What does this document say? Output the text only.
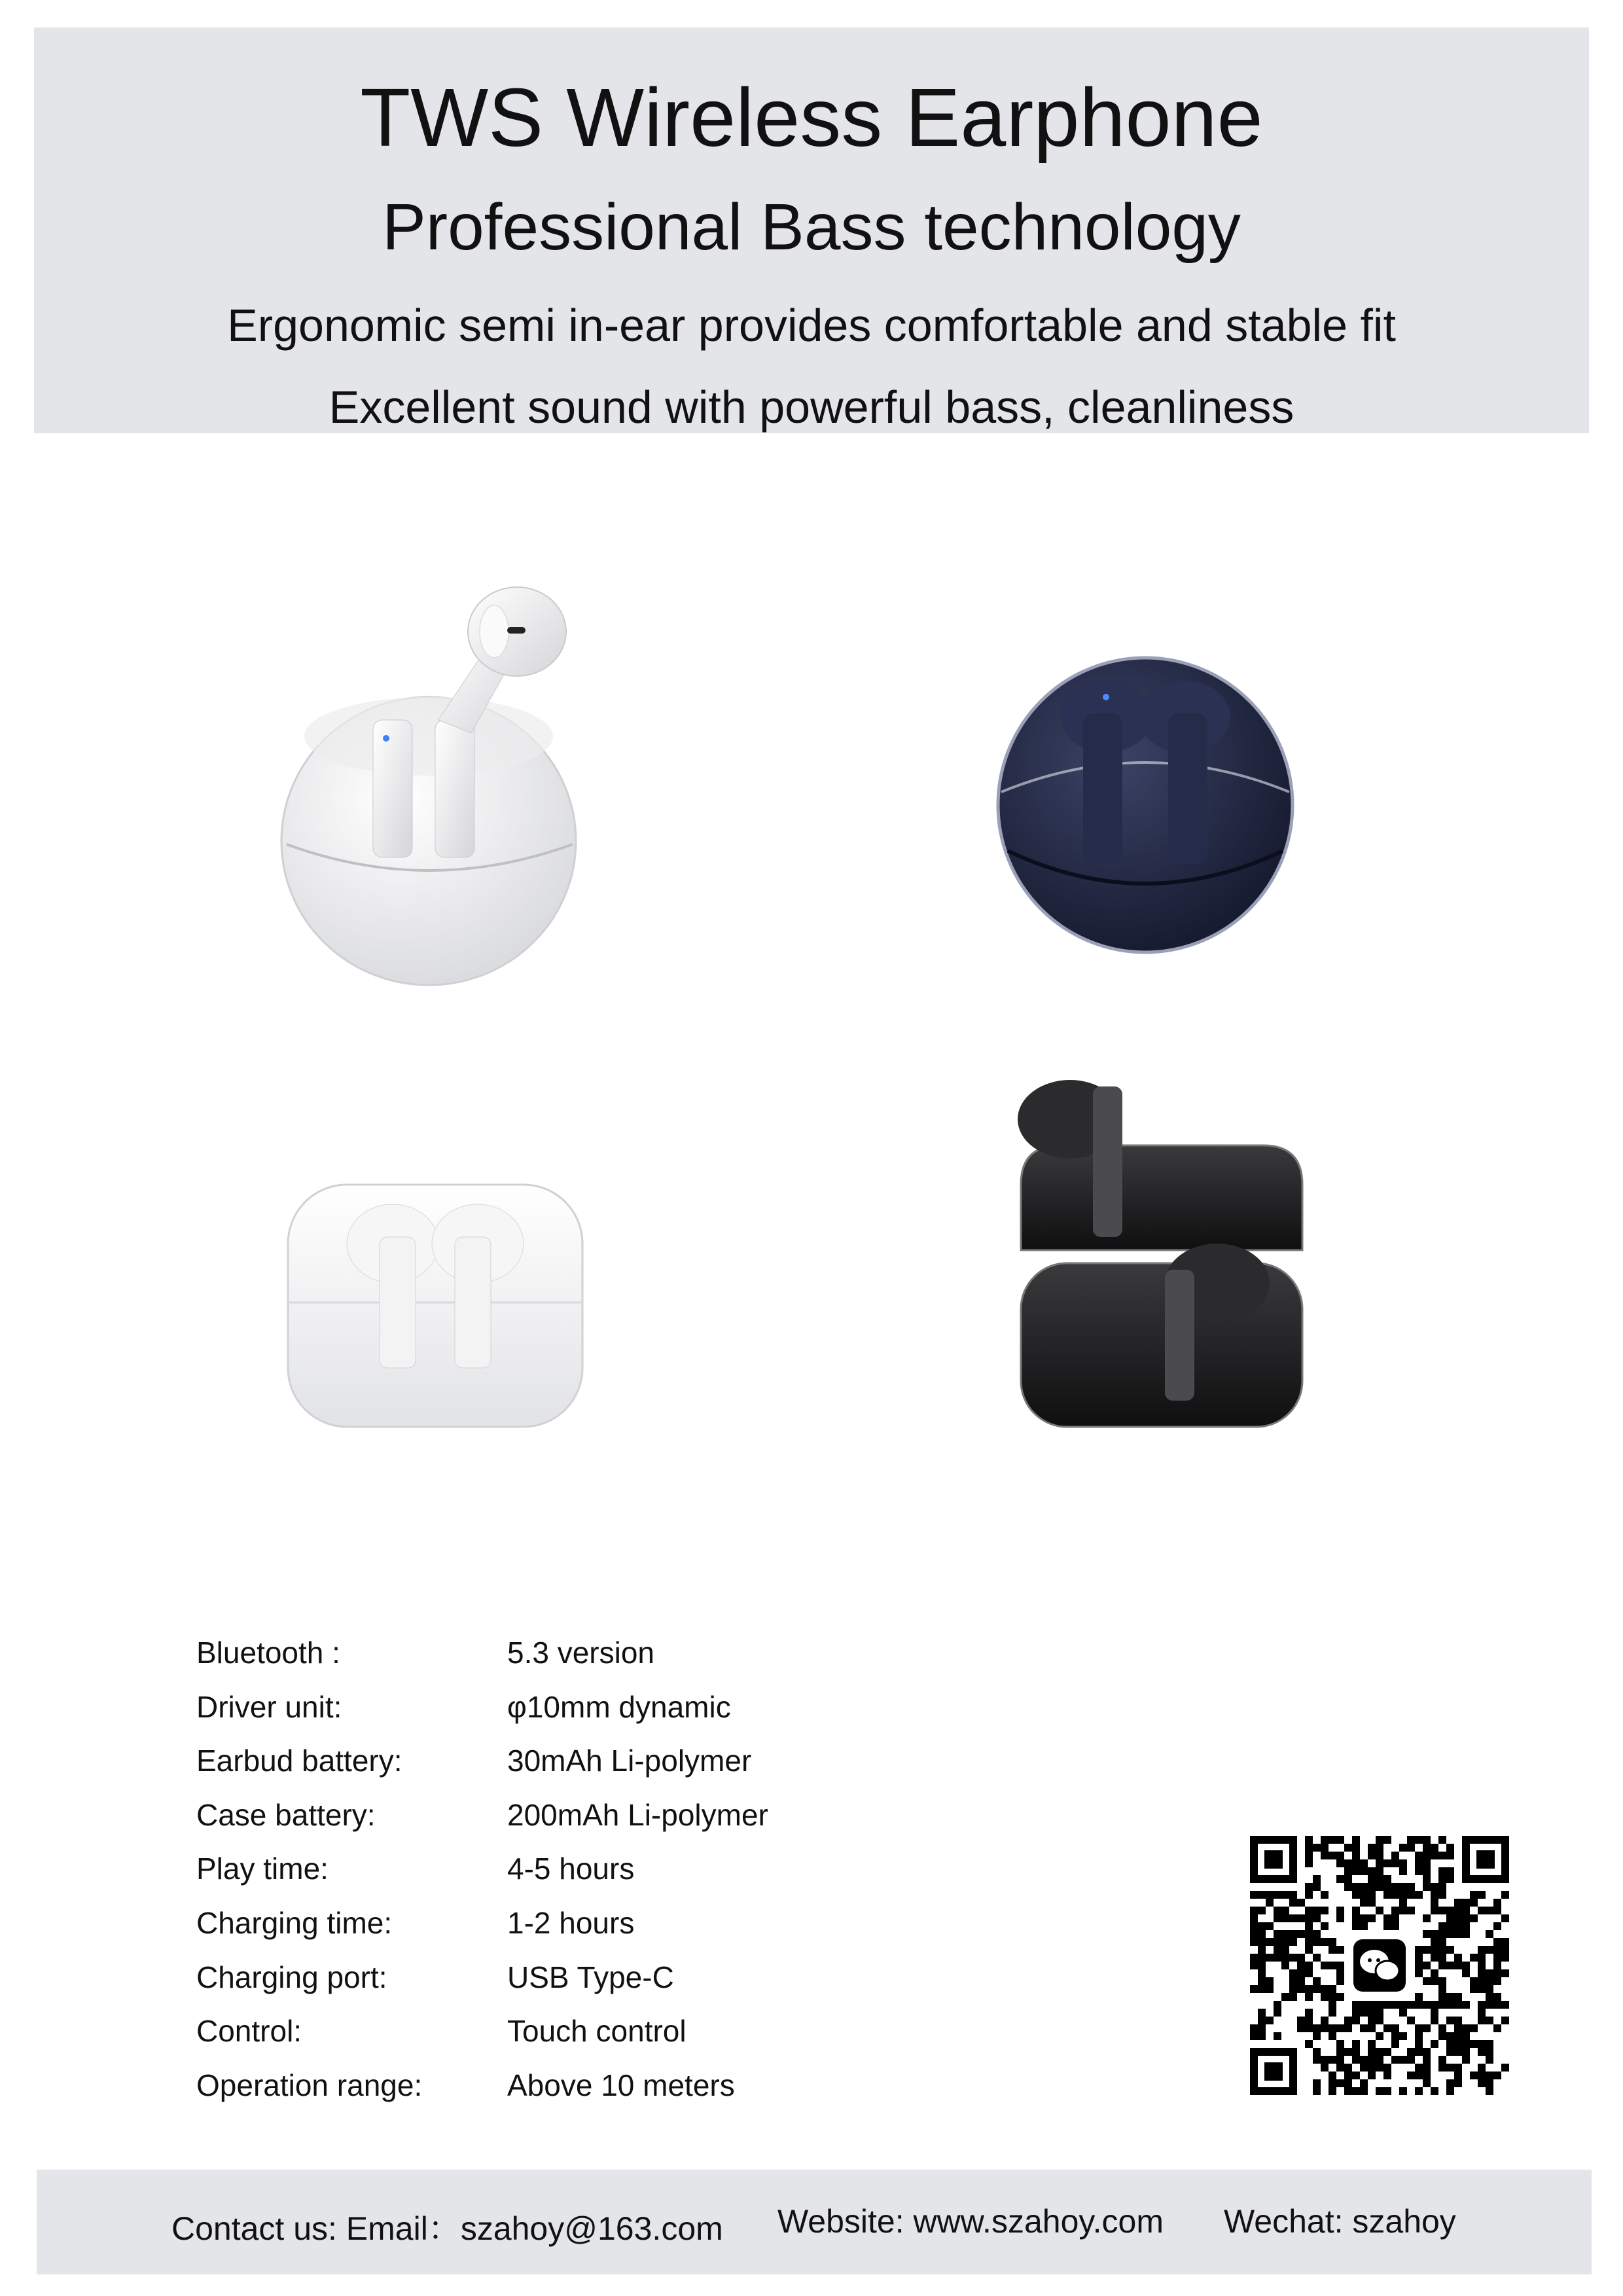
TWS Wireless Earphone
Professional Bass technology
Ergonomic semi in-ear provides comfortable and stable fit
Excellent sound with powerful bass, cleanliness
Bluetooth :	5.3 version
Driver unit:	φ10mm dynamic
Earbud battery:	30mAh Li-polymer
Case battery:	200mAh Li-polymer
Play time:	4-5 hours
Charging time:	1-2 hours
Charging port:	USB Type-C
Control:	Touch control
Operation range:	Above 10 meters
Contact us: Email：szahoy@163.com Website: www.szahoy.com Wechat: szahoy
